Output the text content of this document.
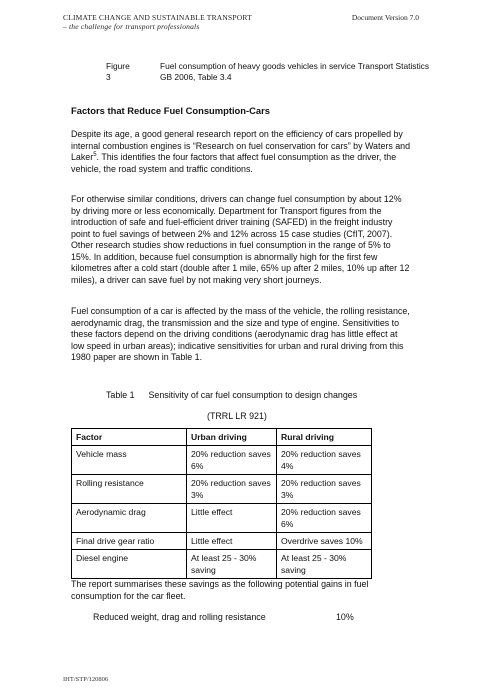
CLIMATE CHANGE AND SUSTAINABLE TRANSPORT
– the challenge for transport professionals
Document Version 7.0
Figure 3
Fuel consumption of heavy goods vehicles in service Transport Statistics GB 2006, Table 3.4
Factors that Reduce Fuel Consumption-Cars

Despite its age, a good general research report on the efficiency of cars propelled by internal combustion engines is “Research on fuel conservation for cars” by Waters and Laker$^5$. This identifies the four factors that affect fuel consumption as the driver, the vehicle, the road system and traffic conditions.

For otherwise similar conditions, drivers can change fuel consumption by about 12% by driving more or less economically. Department for Transport figures from the introduction of safe and fuel-efficient driver training (SAFED) in the freight industry point to fuel savings of between 2% and 12% across 15 case studies (CfIT, 2007). Other research studies show reductions in fuel consumption in the range of 5% to 15%. In addition, because fuel consumption is abnormally high for the first few kilometres after a cold start (double after 1 mile, 65% up after 2 miles, 10% up after 12 miles), a driver can save fuel by not making very short journeys.

Fuel consumption of a car is affected by the mass of the vehicle, the rolling resistance, aerodynamic drag, the transmission and the size and type of engine. Sensitivities to these factors depend on the driving conditions (aerodynamic drag has little effect at low speed in urban areas); indicative sensitivities for urban and rural driving from this 1980 paper are shown in Table 1.

Table 1 Sensitivity of car fuel consumption to design changes
(TRRL LR 921)
Factor	Urban driving	Rural driving
Vehicle mass	20% reduction saves 6%	20% reduction saves 4%
Rolling resistance	20% reduction saves 3%	20% reduction saves 3%
Aerodynamic drag	Little effect	20% reduction saves 6%
Final drive gear ratio	Little effect	Overdrive saves 10%
Diesel engine	At least 25 - 30% saving	At least 25 - 30% saving

The report summarises these savings as the following potential gains in fuel consumption for the car fleet.

Reduced weight, drag and rolling resistance	10%
IHT/STP/120806
